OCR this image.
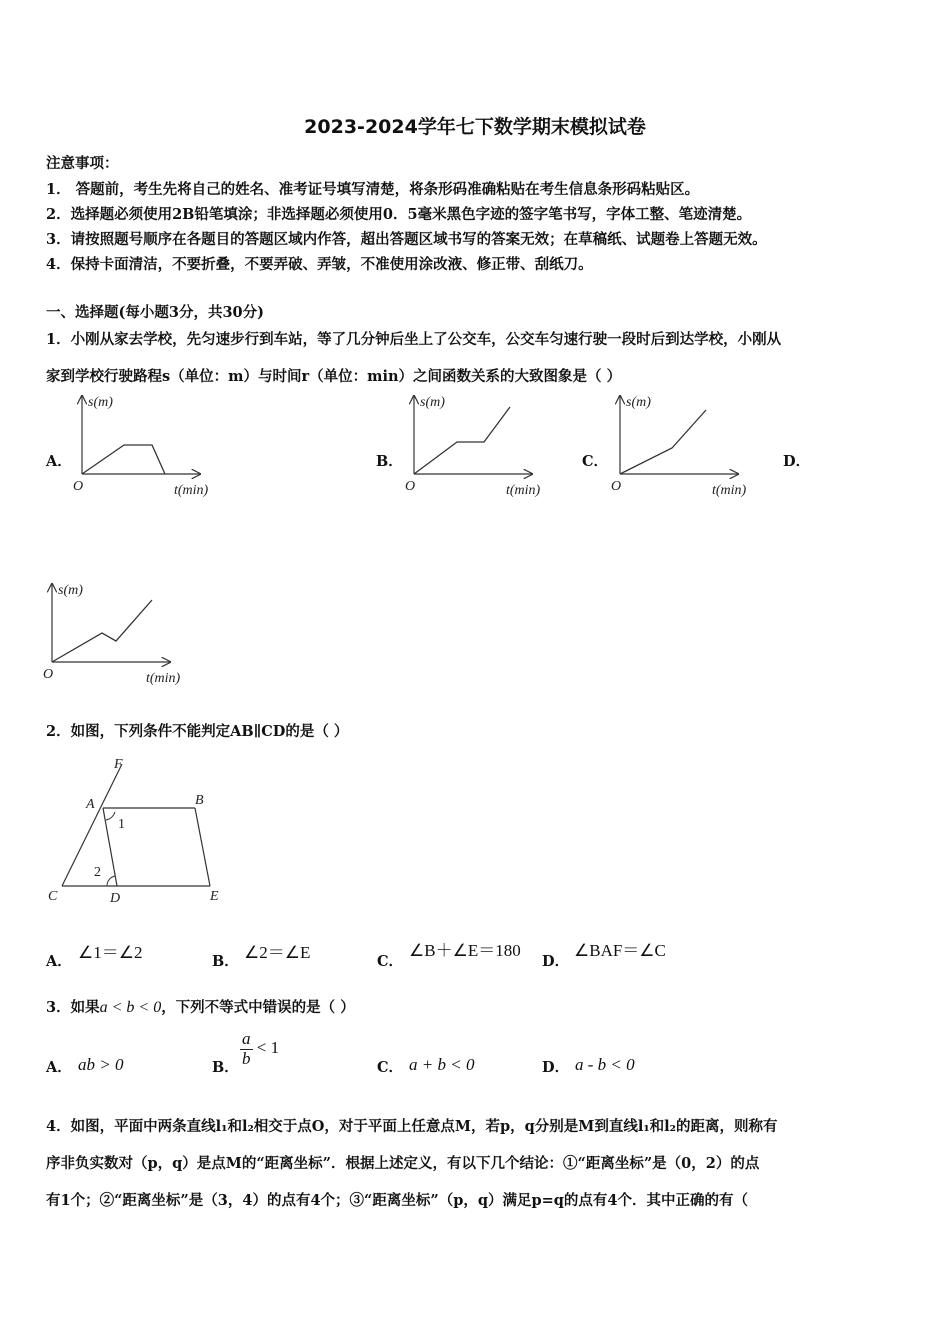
2023-2024学年七下数学期末模拟试卷
注意事项：
1． 答题前，考生先将自己的姓名、准考证号填写清楚，将条形码准确粘贴在考生信息条形码粘贴区。
2．选择题必须使用2B铅笔填涂；非选择题必须使用0．5毫米黑色字迹的签字笔书写，字体工整、笔迹清楚。
3．请按照题号顺序在各题目的答题区域内作答，超出答题区域书写的答案无效；在草稿纸、试题卷上答题无效。
4．保持卡面清洁，不要折叠，不要弄破、弄皱，不准使用涂改液、修正带、刮纸刀。
一、选择题(每小题3分，共30分)
1．小刚从家去学校，先匀速步行到车站，等了几分钟后坐上了公交车，公交车匀速行驶一段时后到达学校，小刚从
家到学校行驶路程s（单位：m）与时间r（单位：min）之间函数关系的大致图象是（ ）
A．	B．	C．	D．
s(m)
t(min)
O
s(m)
t(min)
O
s(m)
t(min)
O
s(m)
t(min)
O
2．如图，下列条件不能判定AB∥CD的是（ ）
F
A	B
C	D	E
1
2
A． ∠1＝∠2	B． ∠2＝∠E	C．
∠B＋∠E＝180
D．
∠BAF＝∠C
3．如果a < b < 0，下列不等式中错误的是（ ）
A． ab > 0	B． $\frac{a}{b} < 1$
C． a + b < 0	D． a - b < 0
4．如图，平面中两条直线l₁和l₂相交于点O，对于平面上任意点M，若p，q分别是M到直线l₁和l₂的距离，则称有
序非负实数对（p，q）是点M的“距离坐标”．根据上述定义，有以下几个结论：①“距离坐标”是（0，2）的点
有1个；②“距离坐标”是（3，4）的点有4个；③“距离坐标”（p，q）满足p=q的点有4个．其中正确的有（
